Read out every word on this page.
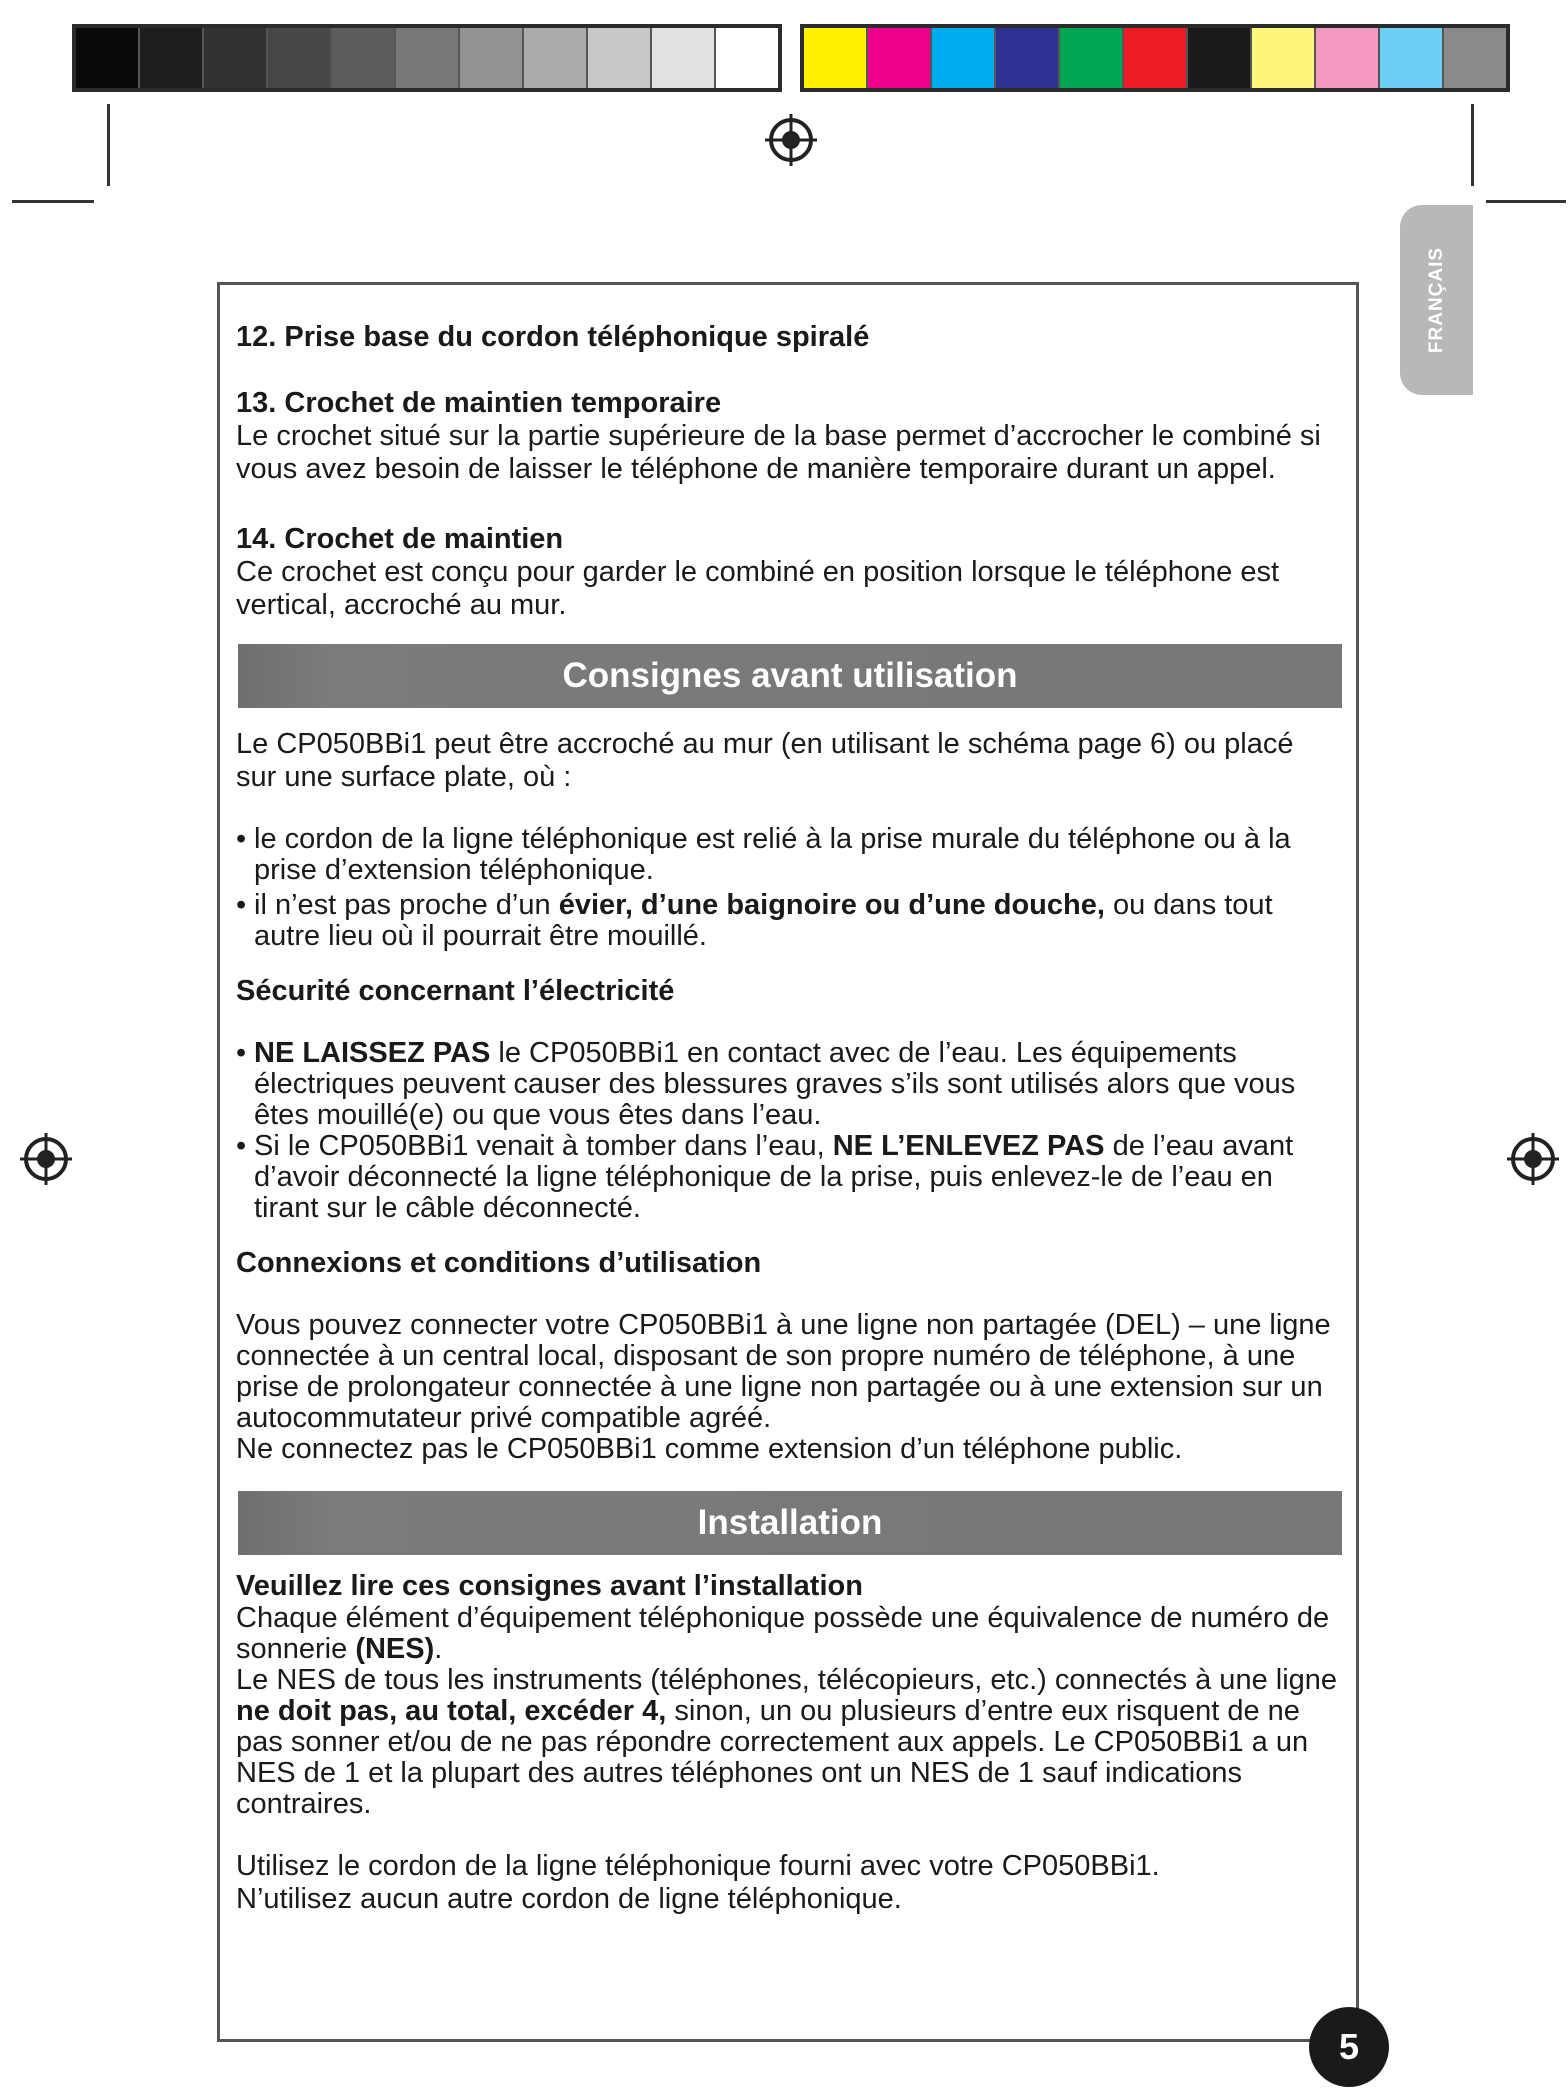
FRANÇAIS

12. Prise base du cordon téléphonique spiralé

13. Crochet de maintien temporaire

Le crochet situé sur la partie supérieure de la base permet d’accrocher le combiné si vous avez besoin de laisser le téléphone de manière temporaire durant un appel.

14. Crochet de maintien

Ce crochet est conçu pour garder le combiné en position lorsque le téléphone est vertical, accroché au mur.

Consignes avant utilisation

Le CP050BBi1 peut être accroché au mur (en utilisant le schéma page 6) ou placé sur une surface plate, où :

• le cordon de la ligne téléphonique est relié à la prise murale du téléphone ou à la prise d’extension téléphonique.
• il n’est pas proche d’un évier, d’une baignoire ou d’une douche, ou dans tout autre lieu où il pourrait être mouillé.

Sécurité concernant l’électricité

• NE LAISSEZ PAS le CP050BBi1 en contact avec de l’eau. Les équipements électriques peuvent causer des blessures graves s’ils sont utilisés alors que vous êtes mouillé(e) ou que vous êtes dans l’eau.
• Si le CP050BBi1 venait à tomber dans l’eau, NE L’ENLEVEZ PAS de l’eau avant d’avoir déconnecté la ligne téléphonique de la prise, puis enlevez-le de l’eau en tirant sur le câble déconnecté.

Connexions et conditions d’utilisation

Vous pouvez connecter votre CP050BBi1 à une ligne non partagée (DEL) – une ligne connectée à un central local, disposant de son propre numéro de téléphone, à une prise de prolongateur connectée à une ligne non partagée ou à une extension sur un autocommutateur privé compatible agréé.

Ne connectez pas le CP050BBi1 comme extension d’un téléphone public.

Installation

Veuillez lire ces consignes avant l’installation

Chaque élément d’équipement téléphonique possède une équivalence de numéro de sonnerie (NES).

Le NES de tous les instruments (téléphones, télécopieurs, etc.) connectés à une ligne ne doit pas, au total, excéder 4, sinon, un ou plusieurs d’entre eux risquent de ne pas sonner et/ou de ne pas répondre correctement aux appels. Le CP050BBi1 a un NES de 1 et la plupart des autres téléphones ont un NES de 1 sauf indications contraires.

Utilisez le cordon de la ligne téléphonique fourni avec votre CP050BBi1.

N’utilisez aucun autre cordon de ligne téléphonique.

5
